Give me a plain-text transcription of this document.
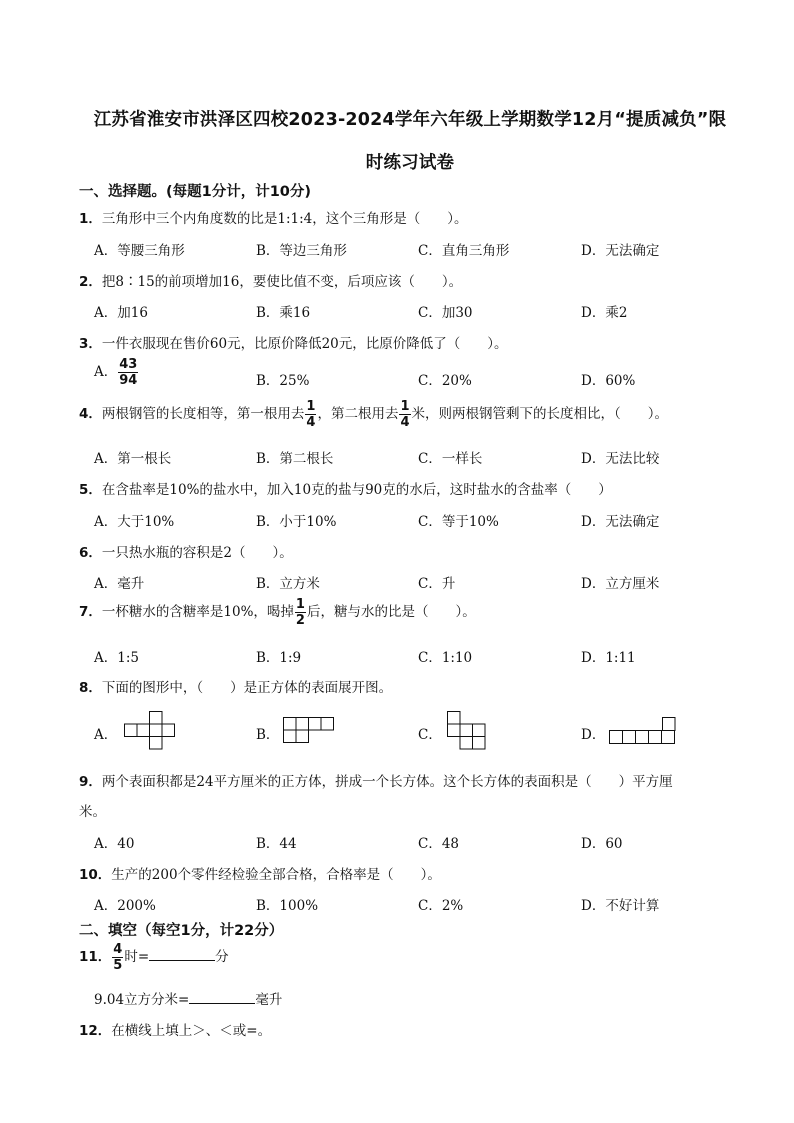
江苏省淮安市洪泽区四校2023-2024学年六年级上学期数学12月“提质减负”限
时练习试卷
一、选择题。(每题1分计，计10分)
1．三角形中三个内角度数的比是1:1:4，这个三角形是（　　）。
A．等腰三角形	B．等边三角形	C．直角三角形	D．无法确定
2．把8∶15的前项增加16，要使比值不变，后项应该（　　）。
A．加16	B．乘16	C．加30	D．乘2
3．一件衣服现在售价60元，比原价降低20元，比原价降低了（　　）。
A． $\frac{43}{94}$	B．25%	C．20%	D．60%
4．两根钢管的长度相等，第一根用去 $\frac{1}{4}$ ，第二根用去 $\frac{1}{4}$ 米，则两根钢管剩下的长度相比，（　　）。
A．第一根长	B．第二根长	C．一样长	D．无法比较
5．在含盐率是10%的盐水中，加入10克的盐与90克的水后，这时盐水的含盐率（　　）
A．大于10%	B．小于10%	C．等于10%	D．无法确定
6．一只热水瓶的容积是2（　　）。
A．毫升	B．立方米	C．升	D．立方厘米
7．一杯糖水的含糖率是10%，喝掉 $\frac{1}{2}$ 后，糖与水的比是（　　）。
A．1:5	B．1:9	C．1:10	D．1:11
8．下面的图形中，（　　）是正方体的表面展开图。
A．	B．	C．	D．
9．两个表面积都是24平方厘米的正方体，拼成一个长方体。这个长方体的表面积是（　　）平方厘
米。
A．40	B．44	C．48	D．60
10．生产的200个零件经检验全部合格，合格率是（　　）。
A．200%	B．100%	C．2%	D．不好计算
二、填空（每空1分，计22分）
11． $\frac{4}{5}$ 时=	分
9.04立方分米=	毫升
12．在横线上填上＞、＜或=。
